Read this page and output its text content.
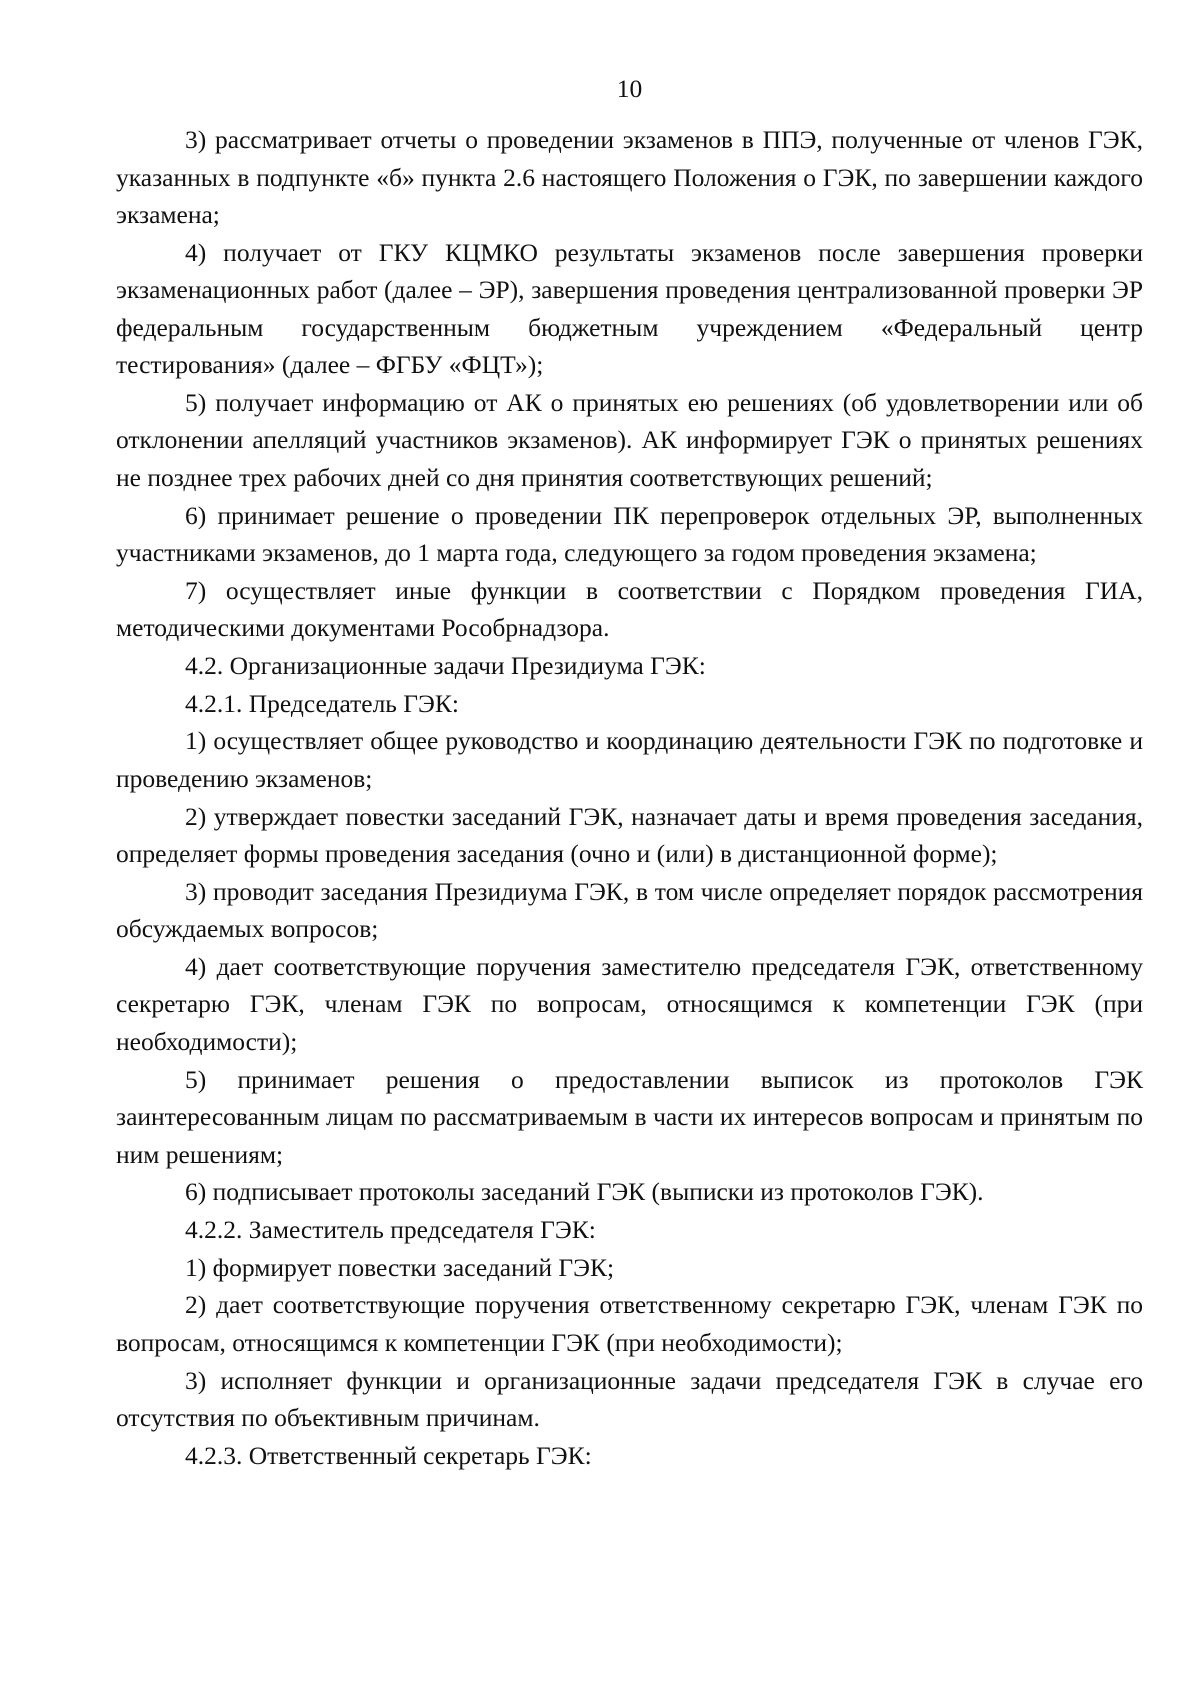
10

3) рассматривает отчеты о проведении экзаменов в ППЭ, полученные от членов ГЭК, указанных в подпункте «б» пункта 2.6 настоящего Положения о ГЭК, по завершении каждого экзамена;

4) получает от ГКУ КЦМКО результаты экзаменов после завершения проверки экзаменационных работ (далее – ЭР), завершения проведения централизованной проверки ЭР федеральным государственным бюджетным учреждением «Федеральный центр тестирования» (далее – ФГБУ «ФЦТ»);

5) получает информацию от АК о принятых ею решениях (об удовлетворении или об отклонении апелляций участников экзаменов). АК информирует ГЭК о принятых решениях не позднее трех рабочих дней со дня принятия соответствующих решений;

6) принимает решение о проведении ПК перепроверок отдельных ЭР, выполненных участниками экзаменов, до 1 марта года, следующего за годом проведения экзамена;

7) осуществляет иные функции в соответствии с Порядком проведения ГИА, методическими документами Рособрнадзора.

4.2. Организационные задачи Президиума ГЭК:

4.2.1. Председатель ГЭК:

1) осуществляет общее руководство и координацию деятельности ГЭК по подготовке и проведению экзаменов;

2) утверждает повестки заседаний ГЭК, назначает даты и время проведения заседания, определяет формы проведения заседания (очно и (или) в дистанционной форме);

3) проводит заседания Президиума ГЭК, в том числе определяет порядок рассмотрения обсуждаемых вопросов;

4) дает соответствующие поручения заместителю председателя ГЭК, ответственному секретарю ГЭК, членам ГЭК по вопросам, относящимся к компетенции ГЭК (при необходимости);

5) принимает решения о предоставлении выписок из протоколов ГЭК заинтересованным лицам по рассматриваемым в части их интересов вопросам и принятым по ним решениям;

6) подписывает протоколы заседаний ГЭК (выписки из протоколов ГЭК).

4.2.2. Заместитель председателя ГЭК:

1) формирует повестки заседаний ГЭК;

2) дает соответствующие поручения ответственному секретарю ГЭК, членам ГЭК по вопросам, относящимся к компетенции ГЭК (при необходимости);

3) исполняет функции и организационные задачи председателя ГЭК в случае его отсутствия по объективным причинам.

4.2.3. Ответственный секретарь ГЭК:
